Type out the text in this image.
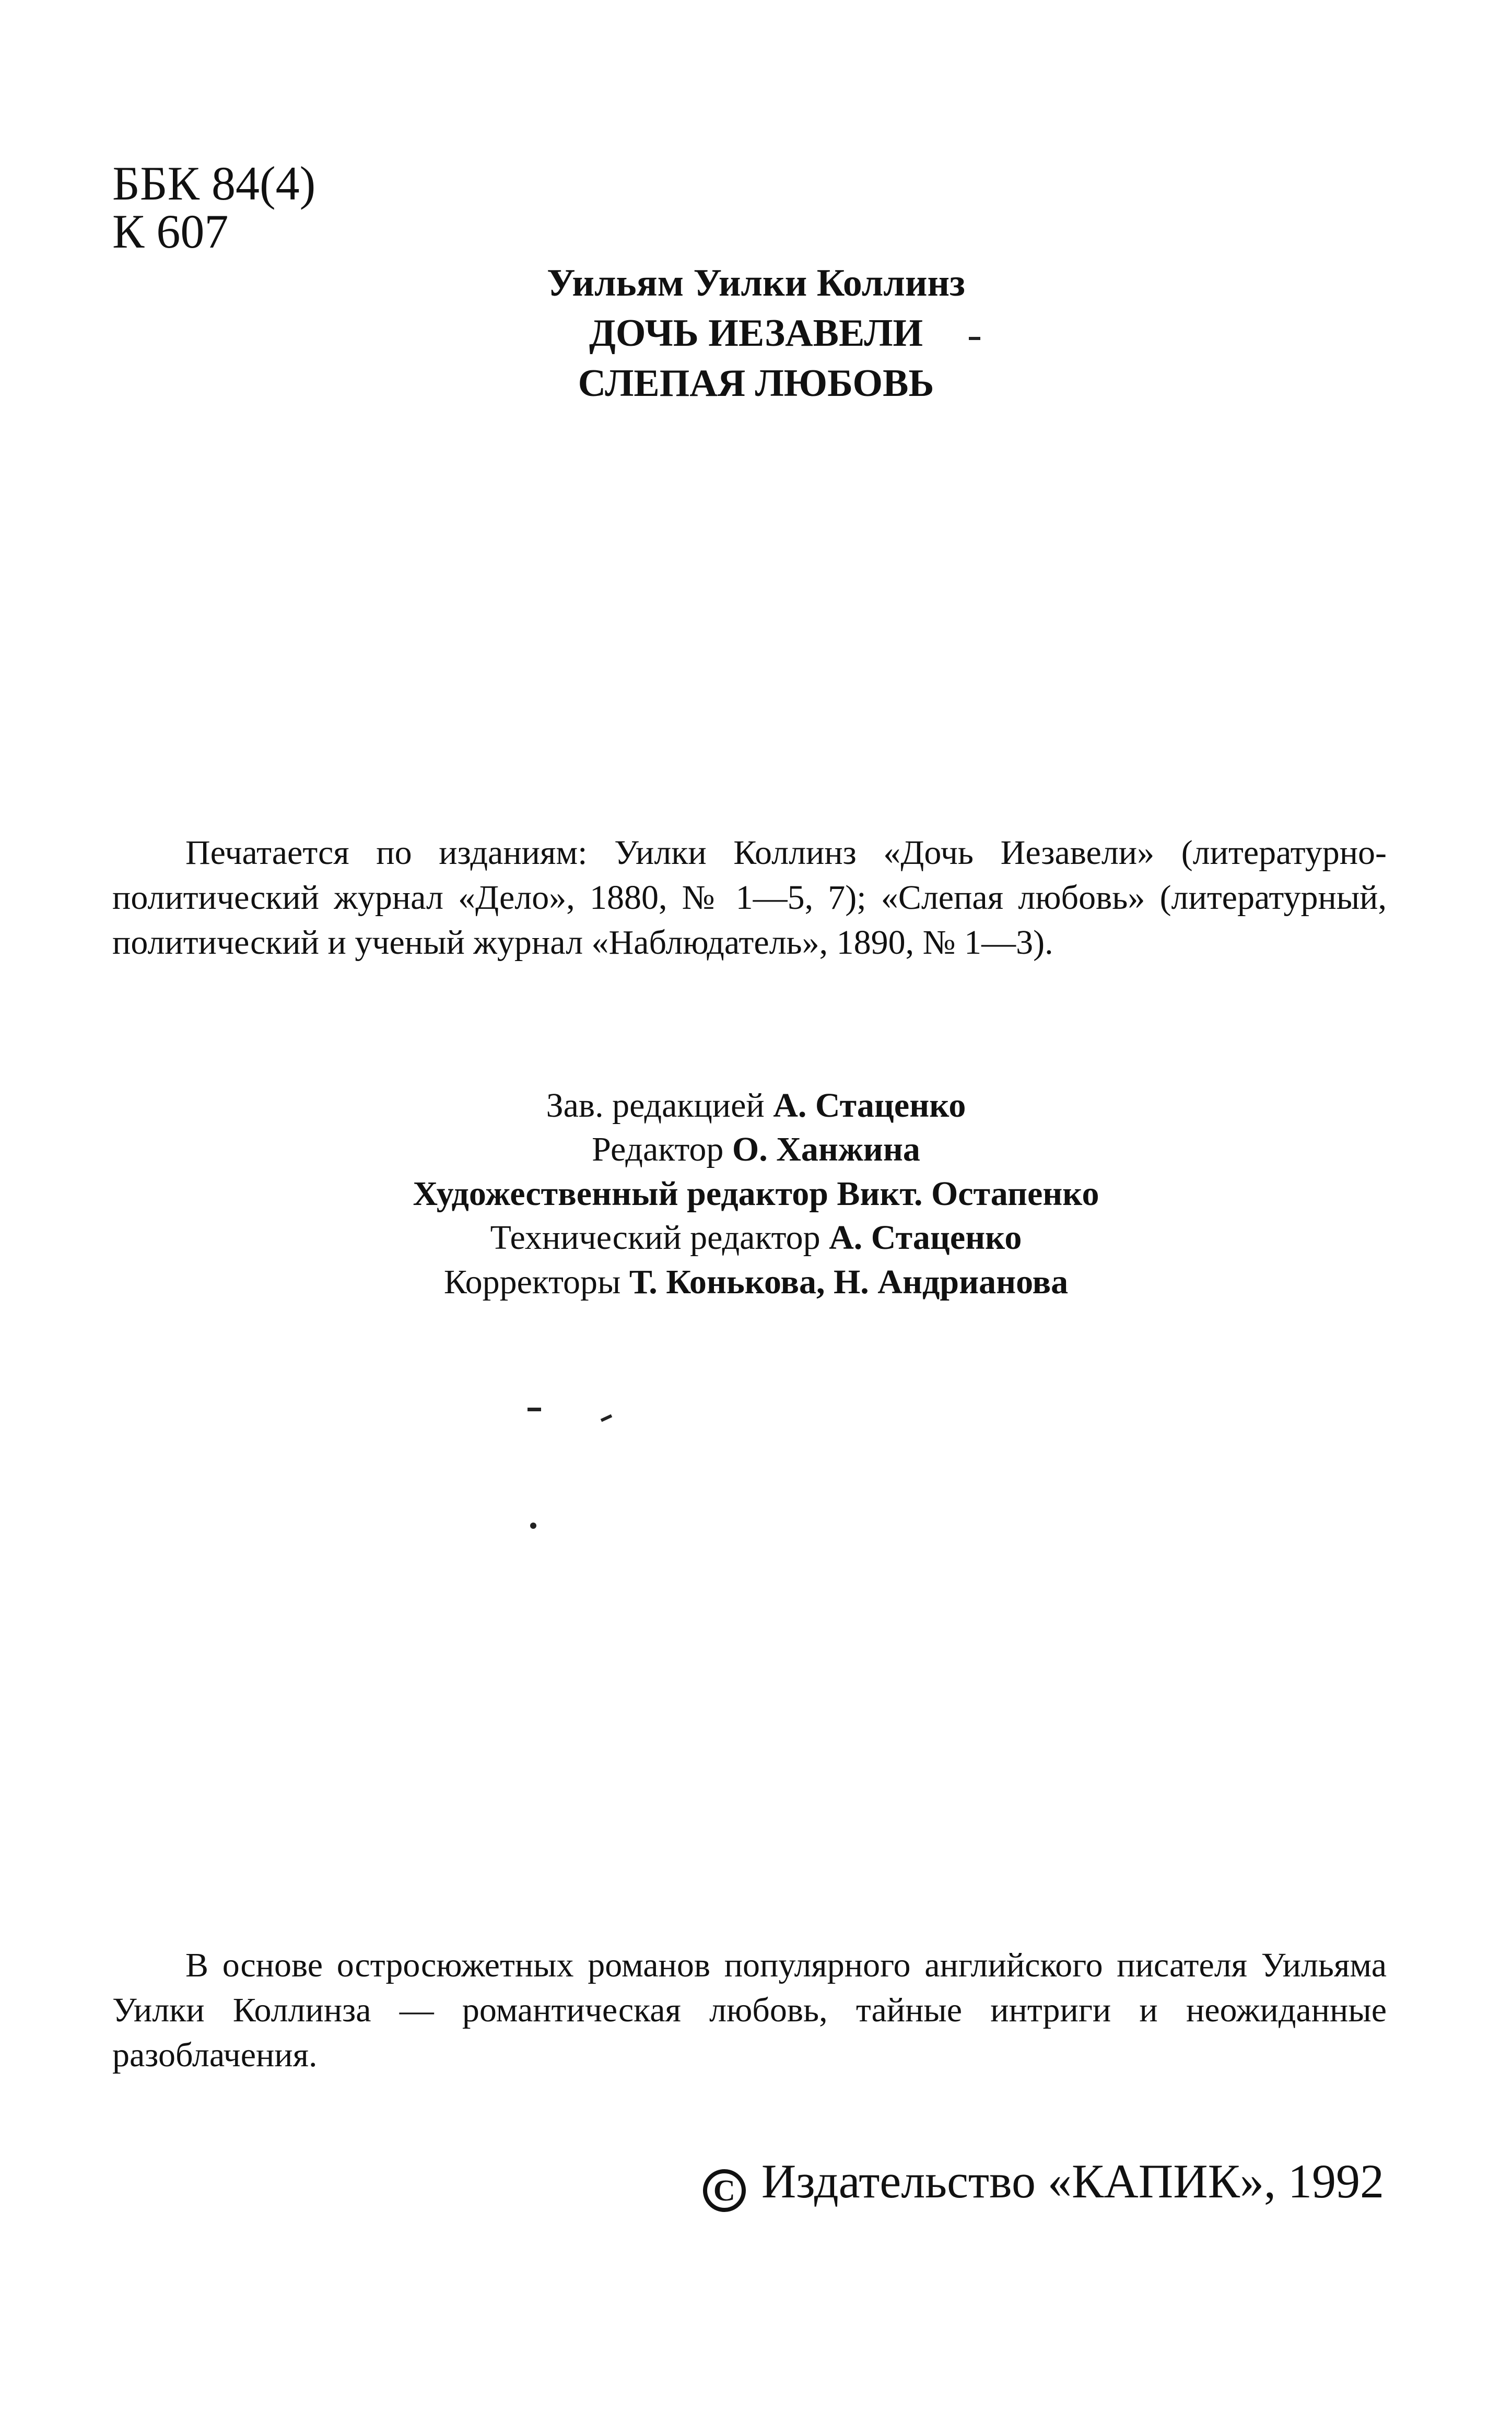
ББК 84(4)
К 607
Уильям Уилки Коллинз
ДОЧЬ ИЕЗАВЕЛИ
СЛЕПАЯ ЛЮБОВЬ

Печатается по изданиям: Уилки Коллинз «Дочь Иезавели» (литературно-политический журнал «Дело», 1880, № 1—5, 7); «Слепая любовь» (литературный, политический и ученый журнал «Наблюдатель», 1890, № 1—3).

Зав. редакцией А. Стаценко
Редактор О. Ханжина
Художественный редактор Викт. Остапенко
Технический редактор А. Стаценко
Корректоры Т. Конькова, Н. Андрианова

В основе остросюжетных романов популярного английского писателя Уильяма Уилки Коллинза — романтическая любовь, тайные интриги и неожиданные разоблачения.

C Издательство «КАПИК», 1992
